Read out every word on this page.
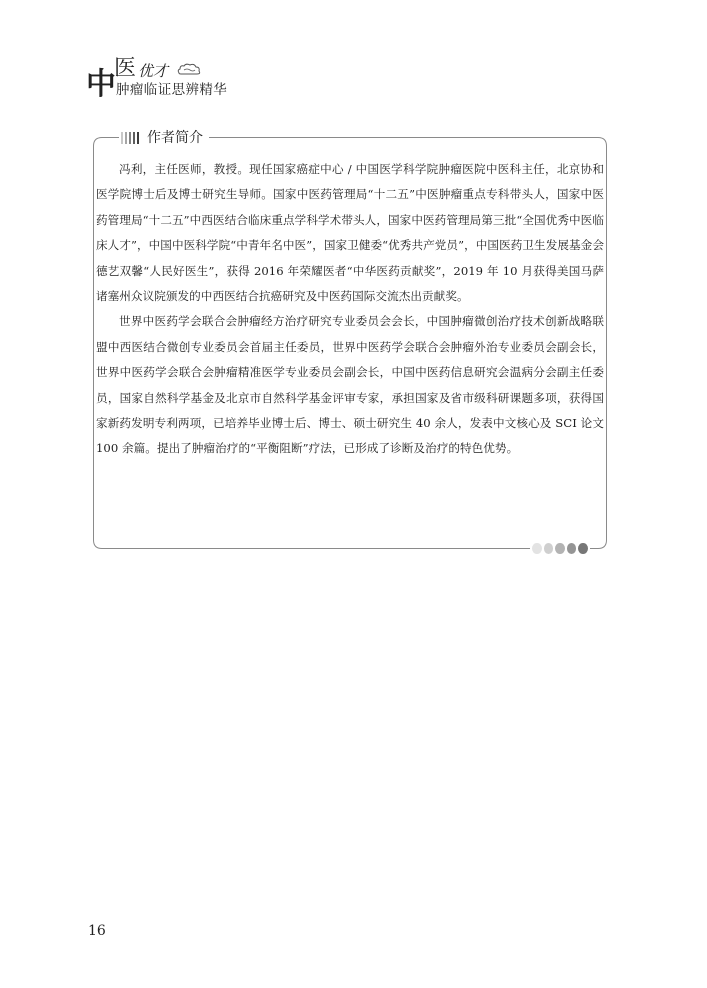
中
医 优才
肿瘤临证思辨精华
作者简介

冯利，主任医师，教授。现任国家癌症中心 / 中国医学科学院肿瘤医院中医科主任，北京协和医学院博士后及博士研究生导师。国家中医药管理局“十二五”中医肿瘤重点专科带头人，国家中医药管理局“十二五”中西医结合临床重点学科学术带头人，国家中医药管理局第三批“全国优秀中医临床人才”，中国中医科学院“中青年名中医”，国家卫健委“优秀共产党员”，中国医药卫生发展基金会德艺双馨“人民好医生”，获得 2016 年荣耀医者“中华医药贡献奖”，2019 年 10 月获得美国马萨诸塞州众议院颁发的中西医结合抗癌研究及中医药国际交流杰出贡献奖。

世界中医药学会联合会肿瘤经方治疗研究专业委员会会长，中国肿瘤微创治疗技术创新战略联盟中西医结合微创专业委员会首届主任委员，世界中医药学会联合会肿瘤外治专业委员会副会长，世界中医药学会联合会肿瘤精准医学专业委员会副会长，中国中医药信息研究会温病分会副主任委员，国家自然科学基金及北京市自然科学基金评审专家，承担国家及省市级科研课题多项，获得国家新药发明专利两项，已培养毕业博士后、博士、硕士研究生 40 余人，发表中文核心及 SCI 论文 100 余篇。提出了肿瘤治疗的“平衡阻断”疗法，已形成了诊断及治疗的特色优势。

16
